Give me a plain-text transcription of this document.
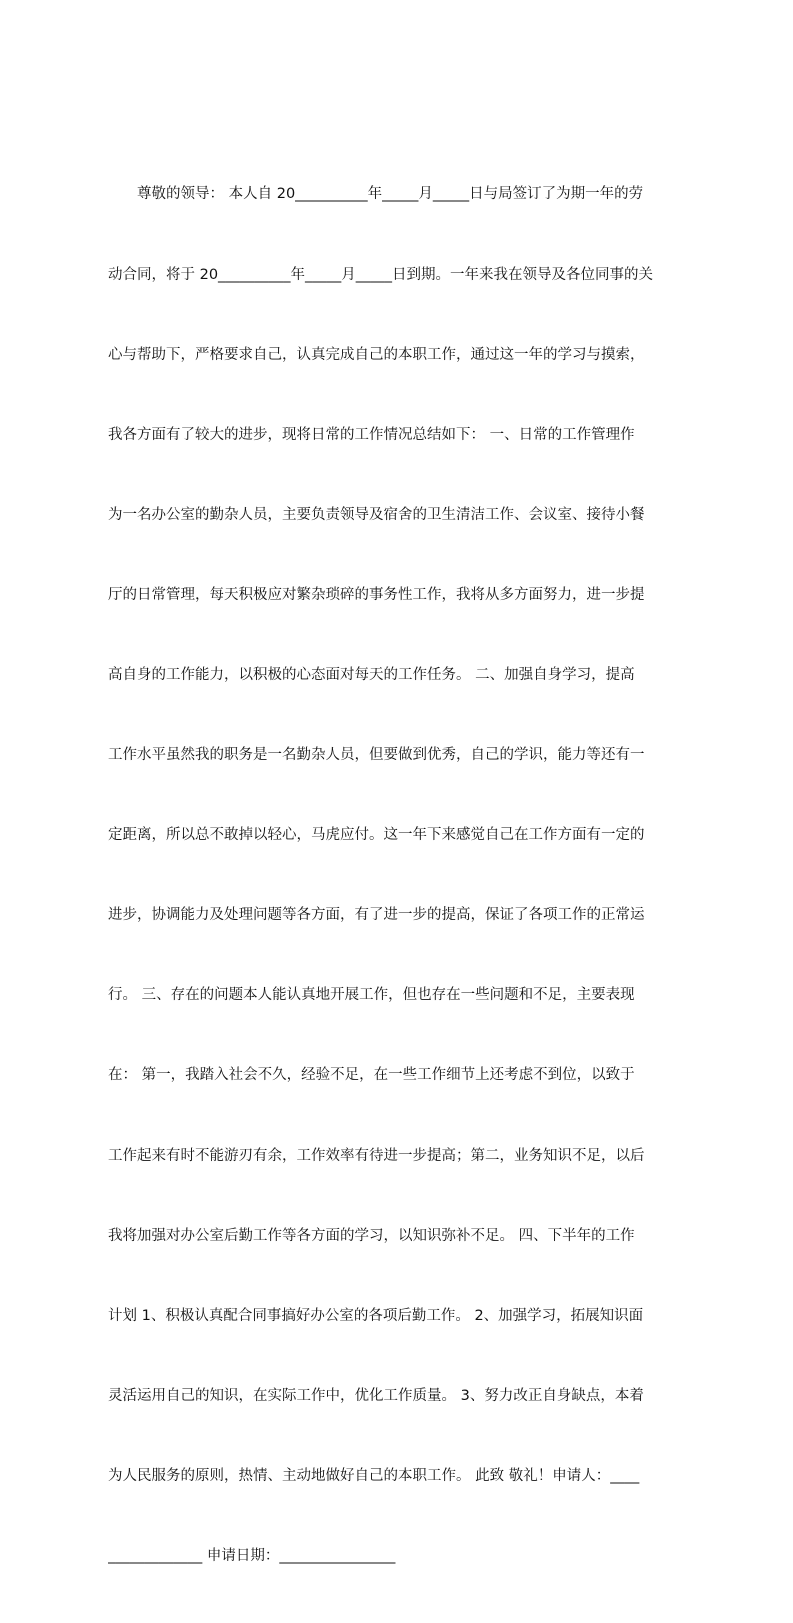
尊敬的领导： 本人自 20__________年_____月_____日与局签订了为期一年的劳

动合同，将于 20__________年_____月_____日到期。一年来我在领导及各位同事的关

心与帮助下，严格要求自己，认真完成自己的本职工作，通过这一年的学习与摸索，

我各方面有了较大的进步，现将日常的工作情况总结如下： 一、日常的工作管理作

为一名办公室的勤杂人员，主要负责领导及宿舍的卫生清洁工作、会议室、接待小餐

厅的日常管理，每天积极应对繁杂琐碎的事务性工作，我将从多方面努力，进一步提

高自身的工作能力，以积极的心态面对每天的工作任务。 二、加强自身学习，提高

工作水平虽然我的职务是一名勤杂人员，但要做到优秀，自己的学识，能力等还有一

定距离，所以总不敢掉以轻心，马虎应付。这一年下来感觉自己在工作方面有一定的

进步，协调能力及处理问题等各方面，有了进一步的提高，保证了各项工作的正常运

行。 三、存在的问题本人能认真地开展工作，但也存在一些问题和不足，主要表现

在： 第一，我踏入社会不久，经验不足，在一些工作细节上还考虑不到位，以致于

工作起来有时不能游刃有余，工作效率有待进一步提高；第二，业务知识不足，以后

我将加强对办公室后勤工作等各方面的学习，以知识弥补不足。 四、下半年的工作

计划 1、积极认真配合同事搞好办公室的各项后勤工作。 2、加强学习，拓展知识面

灵活运用自己的知识，在实际工作中，优化工作质量。 3、努力改正自身缺点，本着

为人民服务的原则，热情、主动地做好自己的本职工作。 此致 敬礼！申请人：____

_____________ 申请日期：________________
